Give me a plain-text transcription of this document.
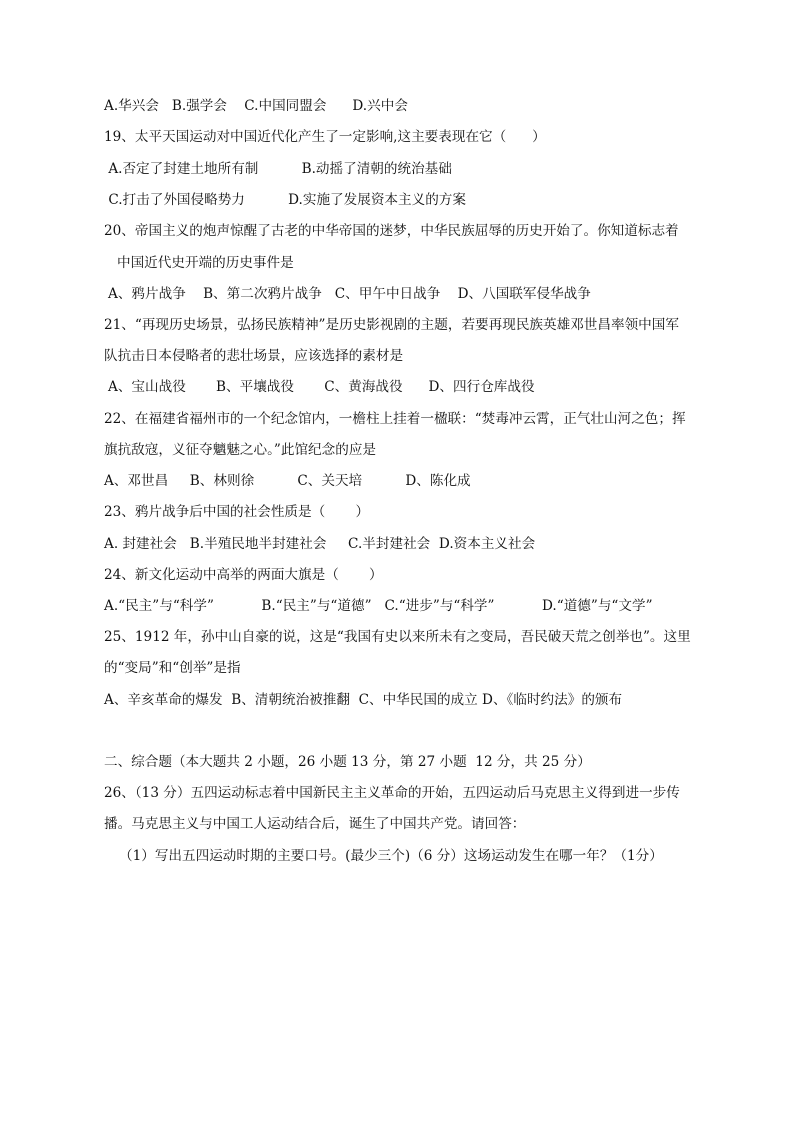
A.华兴会   B.强学会    C.中国同盟会      D.兴中会
19、太平天国运动对中国近代化产生了一定影响,这主要表现在它（      ）
A.否定了封建土地所有制          B.动摇了清朝的统治基础
C.打击了外国侵略势力          D.实施了发展资本主义的方案
20、帝国主义的炮声惊醒了古老的中华帝国的迷梦，中华民族屈辱的历史开始了。你知道标志着
中国近代史开端的历史事件是
A、鸦片战争    B、第二次鸦片战争   C、甲午中日战争    D、八国联军侵华战争
21、“再现历史场景，弘扬民族精神”是历史影视剧的主题，若要再现民族英雄邓世昌率领中国军
队抗击日本侵略者的悲壮场景，应该选择的素材是
A、宝山战役       B、平壤战役       C、黄海战役      D、四行仓库战役
22、在福建省福州市的一个纪念馆内，一檐柱上挂着一楹联：“焚毒冲云霄，正气壮山河之色；挥
旗抗敌寇，义征夺魑魅之心。”此馆纪念的应是
A、邓世昌     B、林则徐          C、关天培          D、陈化成
23、鸦片战争后中国的社会性质是（       ）
A. 封建社会   B.半殖民地半封建社会     C.半封建社会  D.资本主义社会
24、新文化运动中高举的两面大旗是（       ）
A.“民主”与“科学”           B.“民主”与“道德”   C.“进步”与“科学”           D.“道德”与“文学”
25、1912 年，孙中山自豪的说，这是“我国有史以来所未有之变局，吾民破天荒之创举也”。这里
的“变局”和“创举”是指
A、辛亥革命的爆发  B、清朝统治被推翻  C、中华民国的成立 D、《临时约法》的颁布
二、综合题（本大题共 2 小题，26 小题 13 分，第 27 小题  12 分，共 25 分）
26、（13 分）五四运动标志着中国新民主主义革命的开始，五四运动后马克思主义得到进一步传
播。马克思主义与中国工人运动结合后，诞生了中国共产党。请回答：
（1）写出五四运动时期的主要口号。(最少三个)（6 分）这场运动发生在哪一年？（1分）
